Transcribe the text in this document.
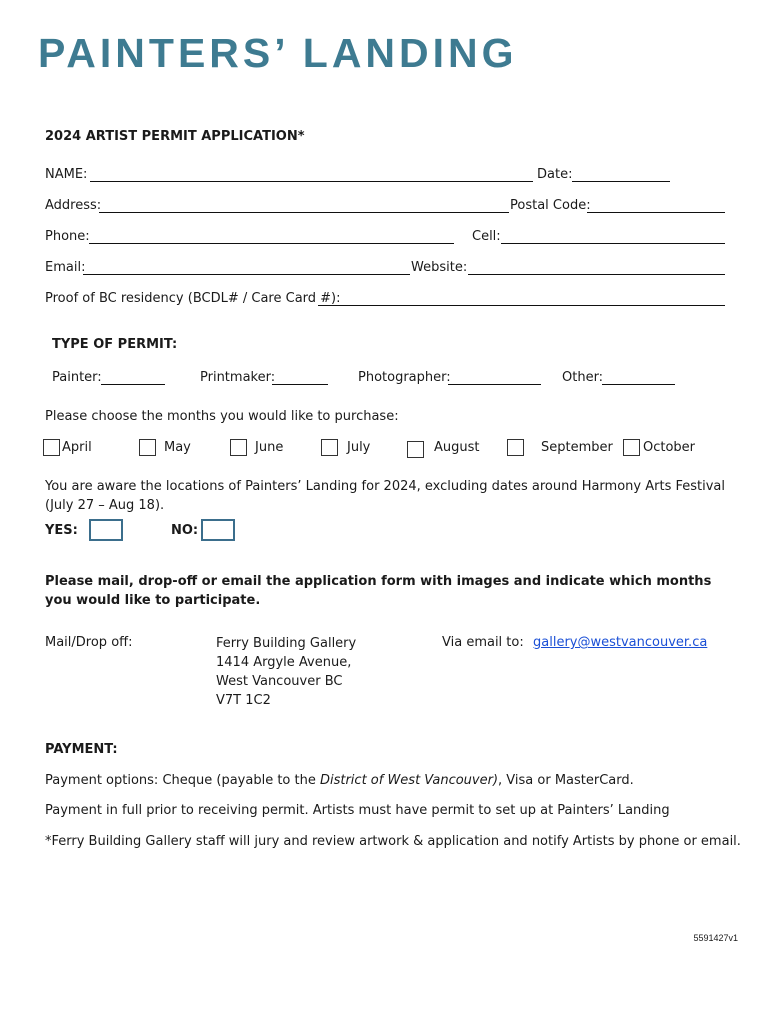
PAINTERS’ LANDING
2024 ARTIST PERMIT APPLICATION*
NAME:	Date:
Address:	Postal Code:
Phone:	Cell:
Email:	Website:
Proof of BC residency (BCDL# / Care Card #):
TYPE OF PERMIT:
Painter:	Printmaker:	Photographer:	Other:
Please choose the months you would like to purchase:
April	May	June	July	August	September October
You are aware the locations of Painters’ Landing for 2024, excluding dates around Harmony Arts Festival (July 27 – Aug 18).
YES:	NO:
Please mail, drop-off or email the application form with images and indicate which months you would like to participate.
Mail/Drop off:	Ferry Building Gallery
1414 Argyle Avenue,
West Vancouver BC
V7T 1C2
Via email to: gallery@westvancouver.ca
PAYMENT:
Payment options: Cheque (payable to the District of West Vancouver), Visa or MasterCard.
Payment in full prior to receiving permit. Artists must have permit to set up at Painters’ Landing
*Ferry Building Gallery staff will jury and review artwork & application and notify Artists by phone or email.
5591427v1
